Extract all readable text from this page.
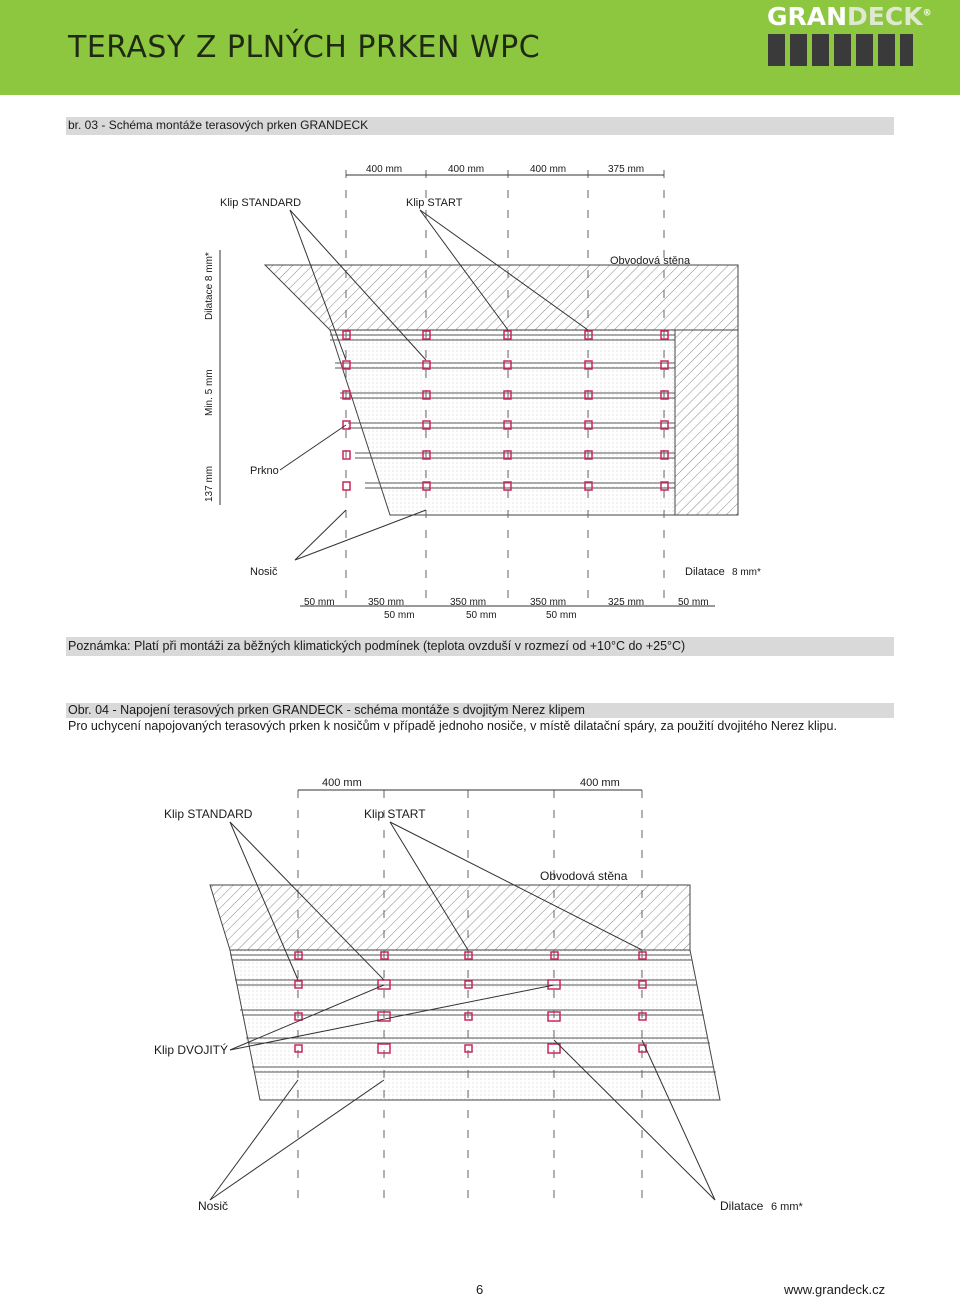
TERASY Z PLNÝCH PRKEN WPC
GRANDECK®
br. 03 - Schéma montáže terasových prken GRANDECK
400 mm	400 mm	400 mm	375 mm
Klip STANDARD	Klip START
Obvodová stěna
Prkno
Nosič	Dilatace 8 mm*
Dilatace 8 mm*
Min. 5 mm
137 mm
50 mm	350 mm	350 mm	350 mm	325 mm	50 mm
50 mm	50 mm	50 mm
Poznámka: Platí při montáži za běžných klimatických podmínek (teplota ovzduší v rozmezí od +10°C do +25°C)
Obr. 04 - Napojení terasových prken GRANDECK - schéma montáže s dvojitým Nerez klipem
Pro uchycení napojovaných terasových prken k nosičům v případě jednoho nosiče, v místě dilatační spáry, za použití dvojitého Nerez klipu.
400 mm	400 mm
Klip STANDARD	Klip START
Obvodová stěna
Klip DVOJITÝ
Nosič	Dilatace 6 mm*
6	www.grandeck.cz
